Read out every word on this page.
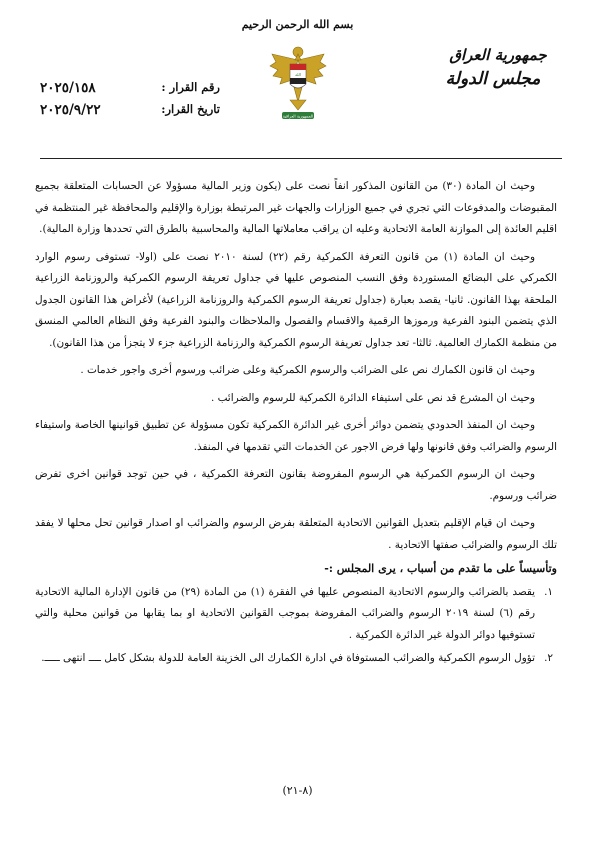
بسم الله الرحمن الرحيم
الله
الجمهورية العراقية
جمهورية العراق
مجلس الدولة
رقم القرار :
٢٠٢٥/١٥٨
تاريخ القرار:
٢٠٢٥/٩/٢٢

وحيث ان المادة (٣٠) من القانون المذكور انفاً نصت على (يكون وزير المالية مسؤولا عن الحسابات المتعلقة بجميع المقبوضات والمدفوعات التي تجري في جميع الوزارات والجهات غير المرتبطة بوزارة والإقليم والمحافظة غير المنتظمة في اقليم العائدة إلى الموازنة العامة الاتحادية وعليه ان يراقب معاملاتها المالية والمحاسبية بالطرق التي تحددها وزارة المالية).

وحيث ان المادة (١) من قانون التعرفة الكمركية رقم (٢٢) لسنة ٢٠١٠ نصت على (اولا- تستوفى رسوم الوارد الكمركي على البضائع المستوردة وفق النسب المنصوص عليها في جداول تعريفة الرسوم الكمركية والروزنامة الزراعية الملحقة بهذا القانون. ثانيا- يقصد بعبارة (جداول تعريفة الرسوم الكمركية والروزنامة الزراعية) لأغراض هذا القانون الجدول الذي يتضمن البنود الفرعية ورموزها الرقمية والاقسام والفصول والملاحظات والبنود الفرعية وفق النظام العالمي المنسق من منظمة الكمارك العالمية. ثالثا- تعد جداول تعريفة الرسوم الكمركية والرزنامة الزراعية جزء لا يتجزأ من هذا القانون).

وحيث ان قانون الكمارك نص على الضرائب والرسوم الكمركية وعلى ضرائب ورسوم أخرى واجور خدمات .

وحيث ان المشرع قد نص على استيفاء الدائرة الكمركية للرسوم والضرائب .

وحيث ان المنفذ الحدودي يتضمن دوائر أخرى غير الدائرة الكمركية تكون مسؤولة عن تطبيق قوانينها الخاصة واستيفاء الرسوم والضرائب وفق قانونها ولها فرض الاجور عن الخدمات التي تقدمها في المنفذ.

وحيث ان الرسوم الكمركية هي الرسوم المفروضة بقانون التعرفة الكمركية ، في حين توجد قوانين اخرى تفرض ضرائب ورسوم.

وحيث ان قيام الإقليم بتعديل القوانين الاتحادية المتعلقة بفرض الرسوم والضرائب او اصدار قوانين تحل محلها لا يفقد تلك الرسوم والضرائب صفتها الاتحادية .

وتأسيساً على ما تقدم من أسباب ، يرى المجلس :-

١.
يقصد بالضرائب والرسوم الاتحادية المنصوص عليها في الفقرة (١) من المادة (٢٩) من قانون الإدارة المالية الاتحادية رقم (٦) لسنة ٢٠١٩ الرسوم والضرائب المفروضة بموجب القوانين الاتحادية او بما يقابها من قوانين محلية والتي تستوفيها دوائر الدولة غير الدائرة الكمركية .
٢.
تؤول الرسوم الكمركية والضرائب المستوفاة في ادارة الكمارك الى الخزينة العامة للدولة بشكل كامل ــــ انتهى ـــــ.
(٨-٢١)
